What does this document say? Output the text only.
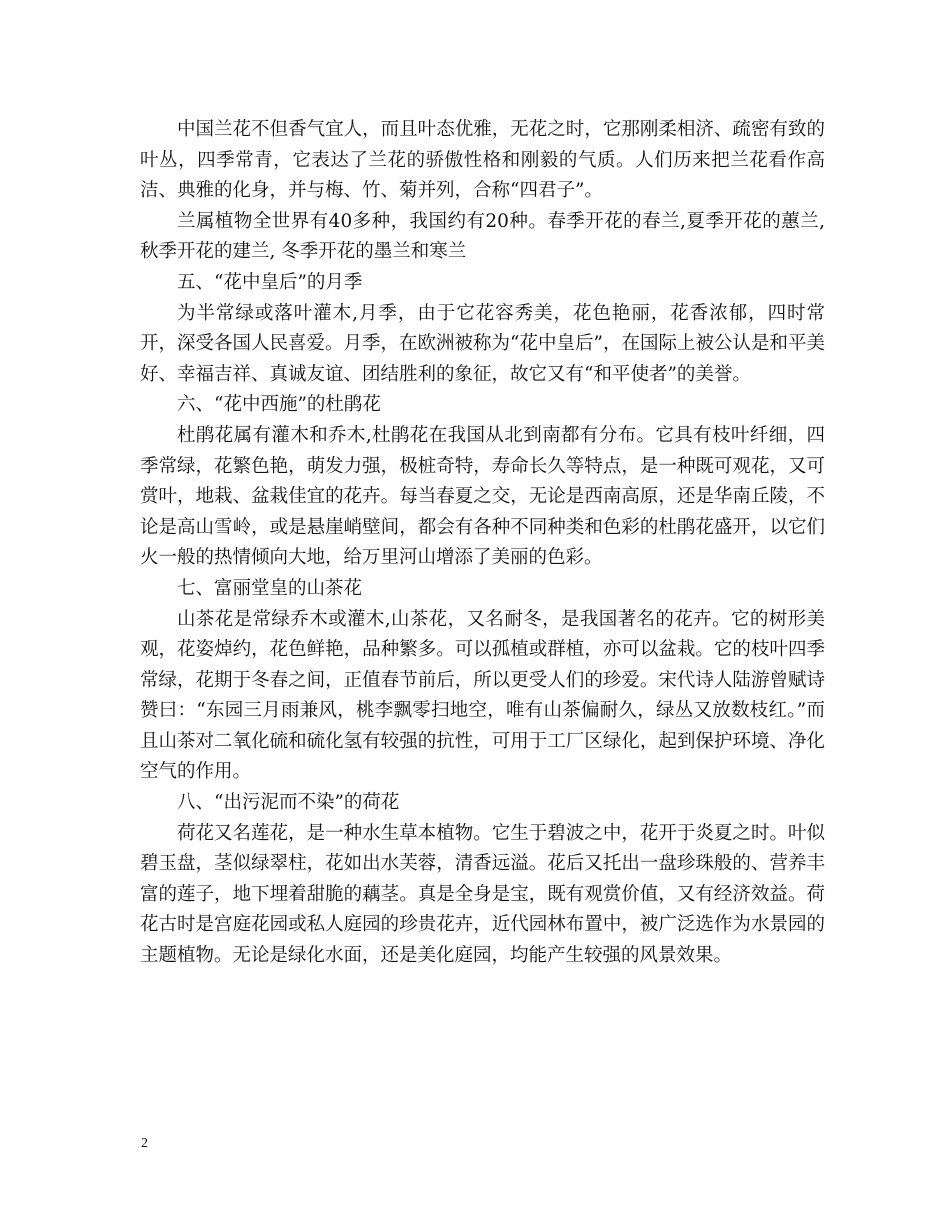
中国兰花不但香气宜人，而且叶态优雅，无花之时，它那刚柔相济、疏密有致的叶丛，四季常青，它表达了兰花的骄傲性格和刚毅的气质。人们历来把兰花看作高洁、典雅的化身，并与梅、竹、菊并列，合称“四君子”。

兰属植物全世界有40多种，我国约有20种。春季开花的春兰,夏季开花的蕙兰,秋季开花的建兰, 冬季开花的墨兰和寒兰

五、“花中皇后”的月季

为半常绿或落叶灌木,月季，由于它花容秀美，花色艳丽，花香浓郁，四时常开，深受各国人民喜爱。月季，在欧洲被称为“花中皇后”，在国际上被公认是和平美好、幸福吉祥、真诚友谊、团结胜利的象征，故它又有“和平使者”的美誉。

六、“花中西施”的杜鹃花

杜鹃花属有灌木和乔木,杜鹃花在我国从北到南都有分布。它具有枝叶纤细，四季常绿，花繁色艳，萌发力强，极桩奇特，寿命长久等特点，是一种既可观花，又可赏叶，地栽、盆栽佳宜的花卉。每当春夏之交，无论是西南高原，还是华南丘陵，不论是高山雪岭，或是悬崖峭壁间，都会有各种不同种类和色彩的杜鹃花盛开，以它们火一般的热情倾向大地，给万里河山增添了美丽的色彩。

七、富丽堂皇的山茶花

山茶花是常绿乔木或灌木,山茶花，又名耐冬，是我国著名的花卉。它的树形美观，花姿焯约，花色鲜艳，品种繁多。可以孤植或群植，亦可以盆栽。它的枝叶四季常绿，花期于冬春之间，正值春节前后，所以更受人们的珍爱。宋代诗人陆游曾赋诗赞曰：“东园三月雨兼风，桃李飘零扫地空，唯有山茶偏耐久，绿丛又放数枝红。”而且山茶对二氧化硫和硫化氢有较强的抗性，可用于工厂区绿化，起到保护环境、净化空气的作用。

八、“出污泥而不染”的荷花

荷花又名莲花，是一种水生草本植物。它生于碧波之中，花开于炎夏之时。叶似碧玉盘，茎似绿翠柱，花如出水芙蓉，清香远溢。花后又托出一盘珍珠般的、营养丰富的莲子，地下埋着甜脆的藕茎。真是全身是宝，既有观赏价值，又有经济效益。荷花古时是宫庭花园或私人庭园的珍贵花卉，近代园林布置中，被广泛选作为水景园的主题植物。无论是绿化水面，还是美化庭园，均能产生较强的风景效果。

2
